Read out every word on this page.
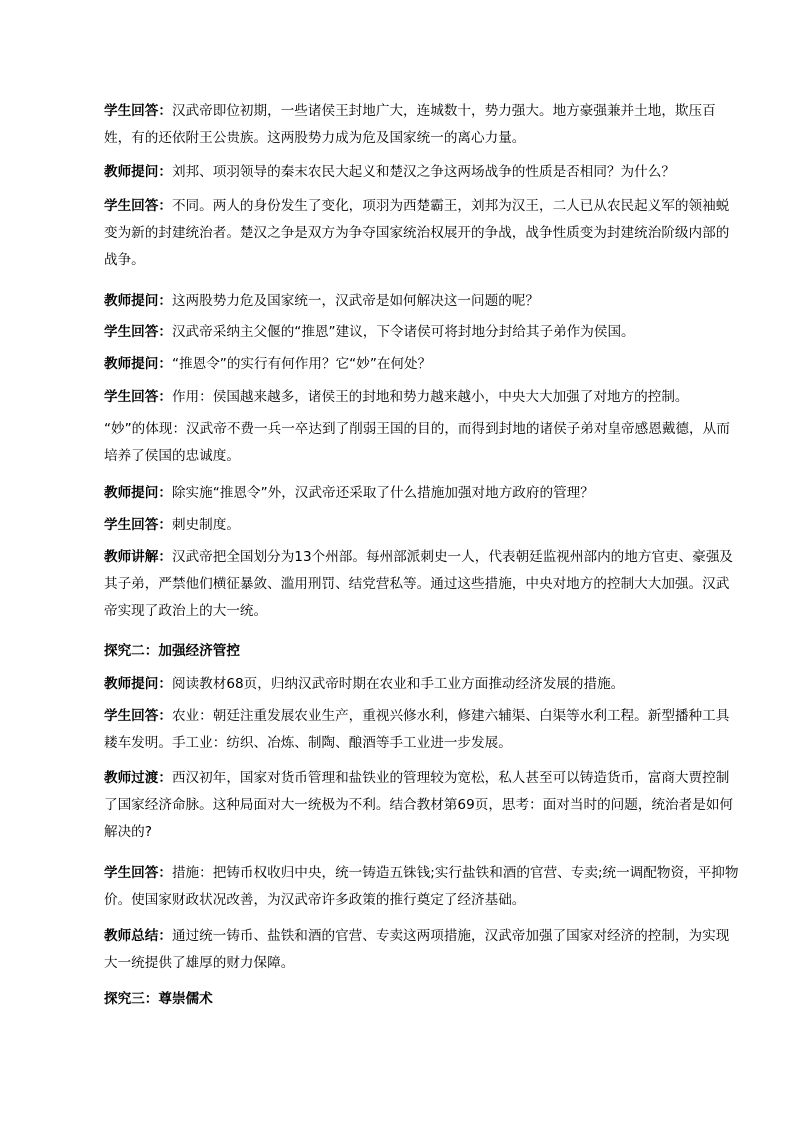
学生回答：汉武帝即位初期，一些诸侯王封地广大，连城数十，势力强大。地方豪强兼并土地，欺压百姓，有的还依附王公贵族。这两股势力成为危及国家统一的离心力量。

教师提问：刘邦、项羽领导的秦末农民大起义和楚汉之争这两场战争的性质是否相同？为什么？

学生回答：不同。两人的身份发生了变化，项羽为西楚霸王，刘邦为汉王，二人已从农民起义军的领袖蜕变为新的封建统治者。楚汉之争是双方为争夺国家统治权展开的争战，战争性质变为封建统治阶级内部的战争。

教师提问：这两股势力危及国家统一，汉武帝是如何解决这一问题的呢？

学生回答：汉武帝采纳主父偃的“推恩”建议，下令诸侯可将封地分封给其子弟作为侯国。

教师提问：“推恩令”的实行有何作用？它“妙”在何处？

学生回答：作用：侯国越来越多，诸侯王的封地和势力越来越小，中央大大加强了对地方的控制。

“妙”的体现：汉武帝不费一兵一卒达到了削弱王国的目的，而得到封地的诸侯子弟对皇帝感恩戴德，从而培养了侯国的忠诚度。

教师提问：除实施“推恩令”外，汉武帝还采取了什么措施加强对地方政府的管理？

学生回答：刺史制度。

教师讲解：汉武帝把全国划分为13个州部。每州部派刺史一人，代表朝廷监视州部内的地方官吏、豪强及其子弟，严禁他们横征暴敛、滥用刑罚、结党营私等。通过这些措施，中央对地方的控制大大加强。汉武帝实现了政治上的大一统。

探究二：加强经济管控

教师提问：阅读教材68页，归纳汉武帝时期在农业和手工业方面推动经济发展的措施。

学生回答：农业：朝廷注重发展农业生产，重视兴修水利，修建六辅渠、白渠等水利工程。新型播种工具耧车发明。手工业：纺织、冶炼、制陶、酿酒等手工业进一步发展。

教师过渡：西汉初年，国家对货币管理和盐铁业的管理较为宽松，私人甚至可以铸造货币，富商大贾控制了国家经济命脉。这种局面对大一统极为不利。结合教材第69页，思考：面对当时的问题，统治者是如何解决的?

学生回答：措施：把铸币权收归中央，统一铸造五铢钱;实行盐铁和酒的官营、专卖;统一调配物资，平抑物价。使国家财政状况改善，为汉武帝许多政策的推行奠定了经济基础。

教师总结：通过统一铸币、盐铁和酒的官营、专卖这两项措施，汉武帝加强了国家对经济的控制，为实现大一统提供了雄厚的财力保障。

探究三：尊崇儒术
